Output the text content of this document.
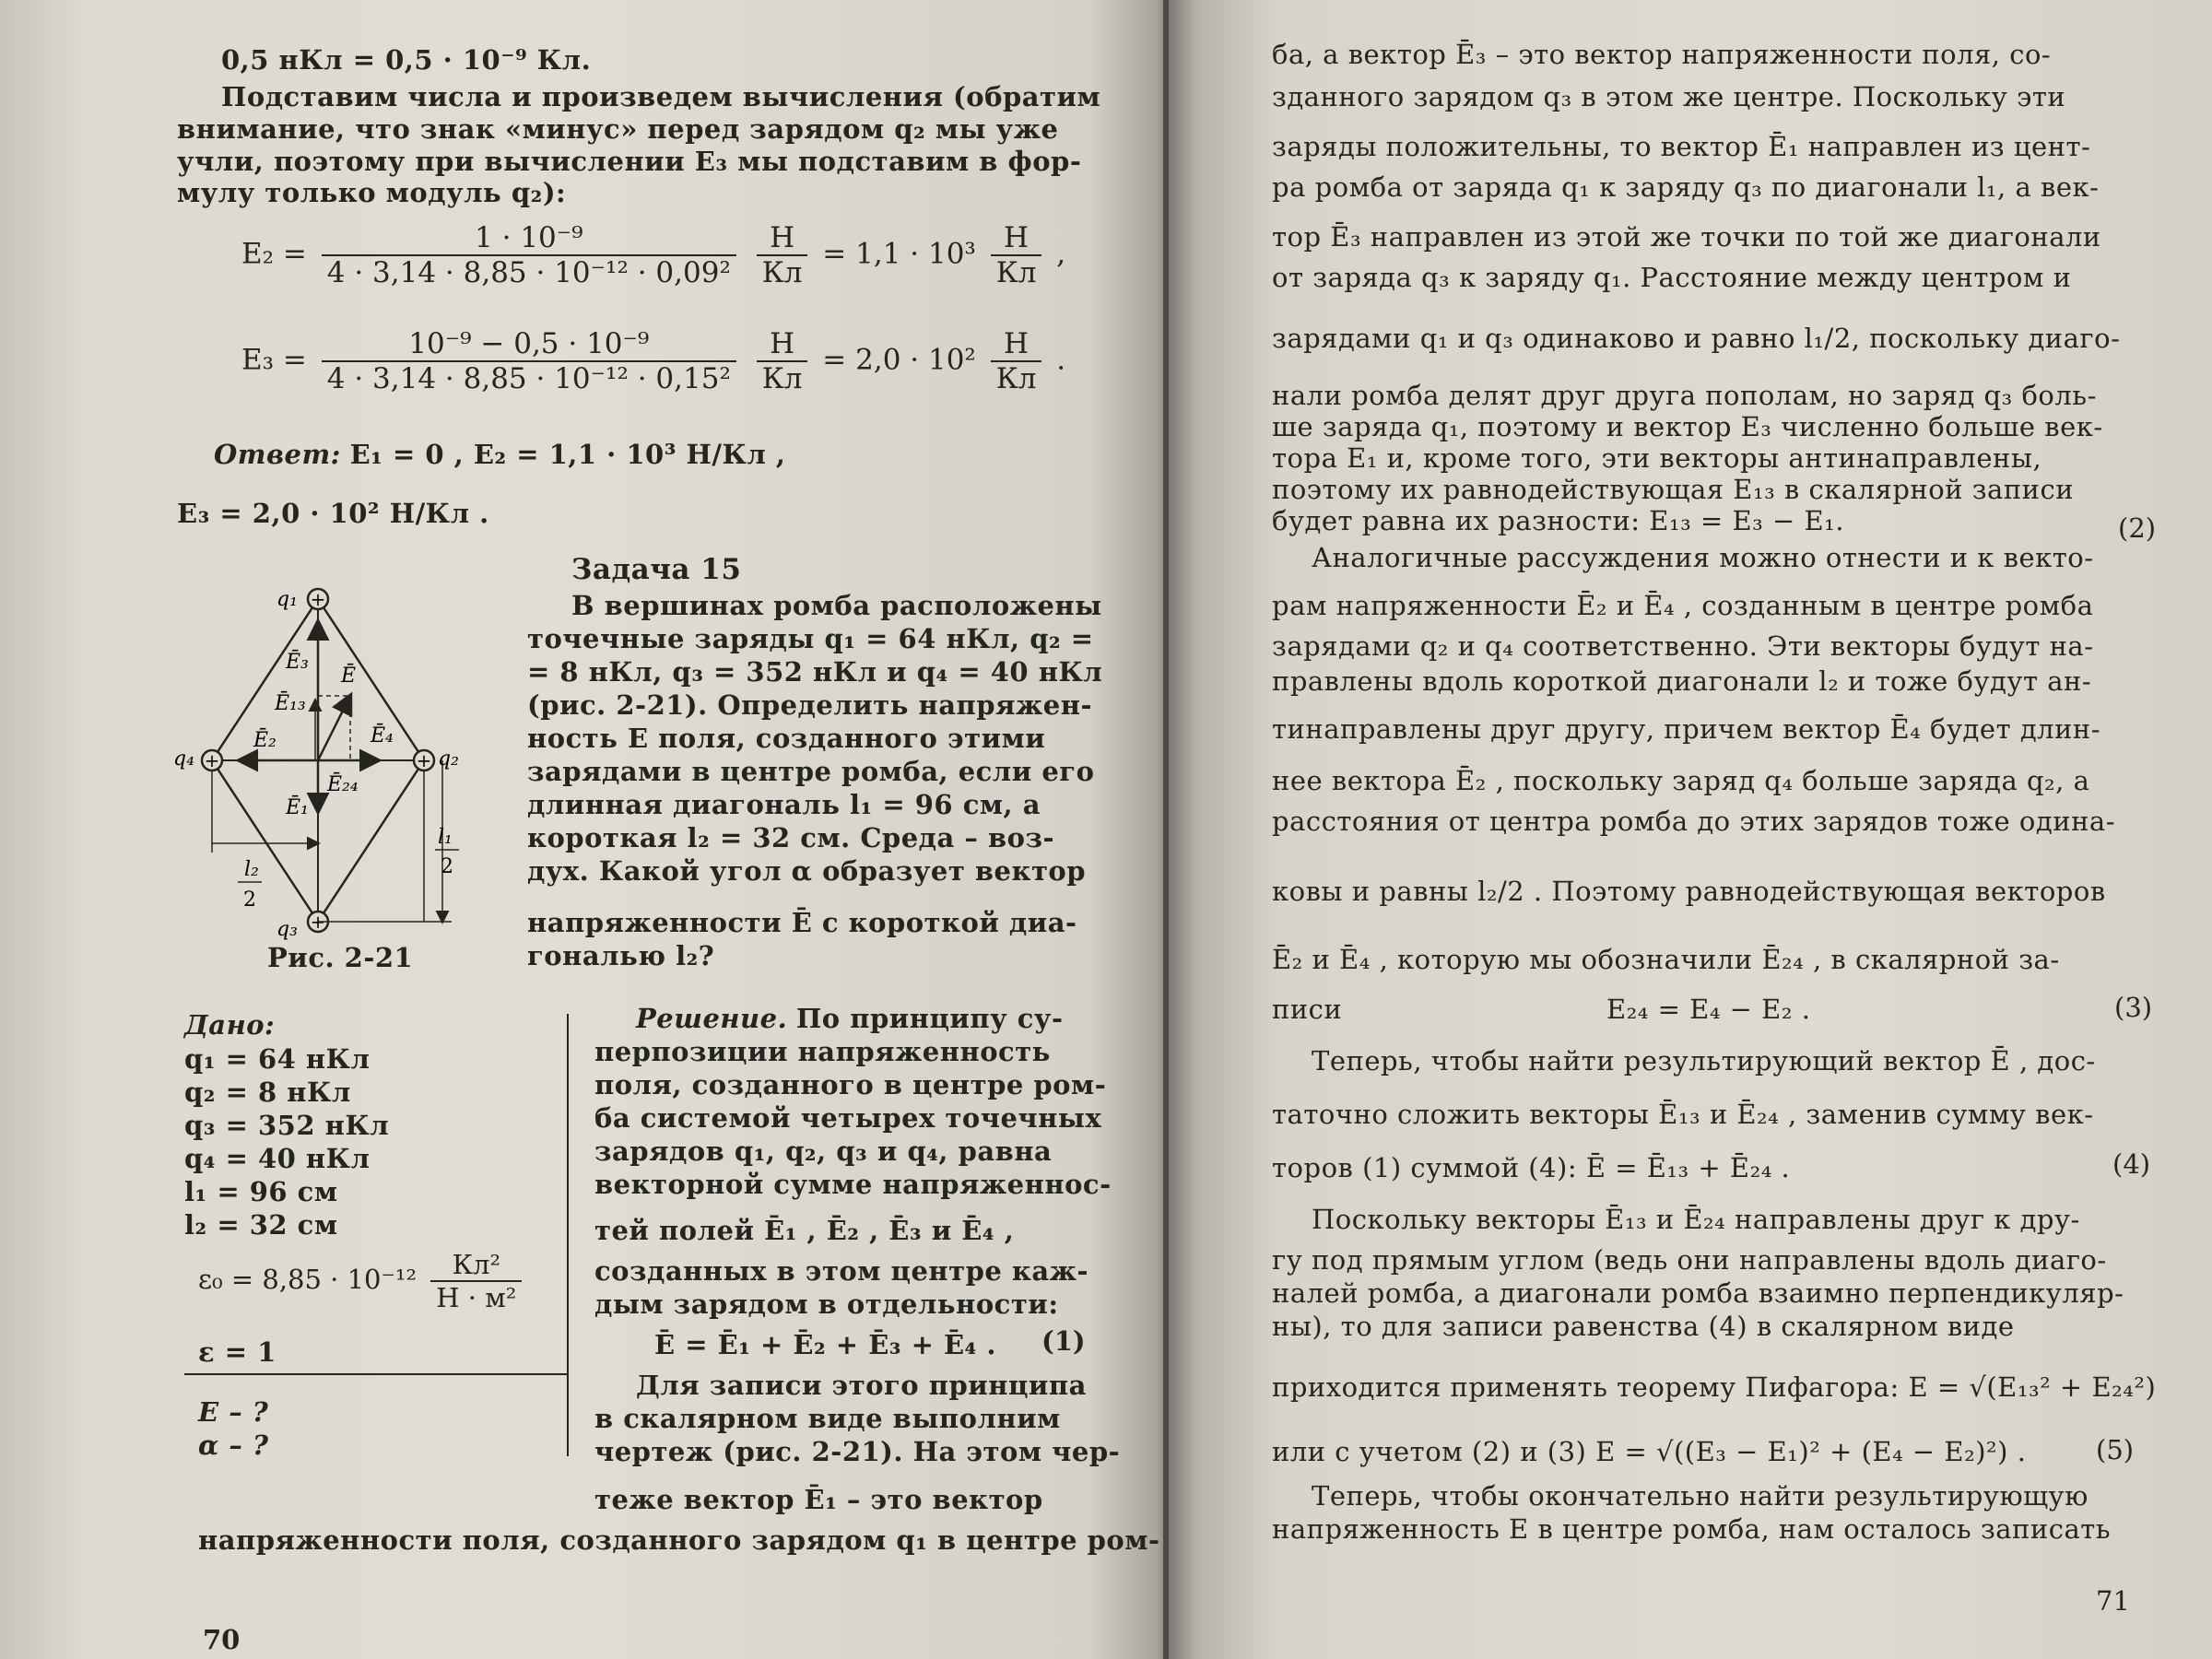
0,5 нКл = 0,5 · 10⁻⁹ Кл.
Подставим числа и произведем вычисления (обратим
внимание, что знак «минус» перед зарядом q₂ мы уже
учли, поэтому при вычислении E₃ мы подставим в фор-
мулу только модуль q₂):
$E_2 = \frac{\text{1 · 10⁻⁹}}{\text{4 · 3,14 · 8,85 · 10⁻¹² · 0,09²}}$
$\frac{Н}{Кл} = 1,1 \cdot 10^3 \frac{Н}{Кл}$ ,
$E_3 = \frac{\text{10⁻⁹ − 0,5 · 10⁻⁹}}{\text{4 · 3,14 · 8,85 · 10⁻¹² · 0,15²}}$
$\frac{Н}{Кл} = 2,0 \cdot 10^2 \frac{Н}{Кл}$ .
Ответ: E₁ = 0 , E₂ = 1,1 · 10³ Н/Кл ,
E₃ = 2,0 · 10² Н/Кл .
+
+
+
+
q₁
q₂
q₃
q₄
Ē₃
Ē₁₃
Ē
Ē₂	Ē₄
Ē₂₄
Ē₁
l₁
2
l₂
2
Рис. 2-21
Задача 15
В вершинах ромба расположены
точечные заряды q₁ = 64 нКл, q₂ =
= 8 нКл, q₃ = 352 нКл и q₄ = 40 нКл
(рис. 2-21). Определить напряжен-
ность E поля, созданного этими
зарядами в центре ромба, если его
длинная диагональ l₁ = 96 см, а
короткая l₂ = 32 см. Среда – воз-
дух. Какой угол α образует вектор
напряженности Ē с короткой диа-
гональю l₂?
Дано:
q₁ = 64 нКл
q₂ = 8 нКл
q₃ = 352 нКл
q₄ = 40 нКл
l₁ = 96 см
l₂ = 32 см
$\varepsilon_0 = 8,85 \cdot 10^{-12} \frac{\text{Кл²}}{\text{Н · м²}}$
ε = 1
E – ?
α – ?
Решение. По принципу су-
перпозиции напряженность
поля, созданного в центре ром-
ба системой четырех точечных
зарядов q₁, q₂, q₃ и q₄, равна
векторной сумме напряженнос-
тей полей Ē₁ , Ē₂ , Ē₃ и Ē₄ ,
созданных в этом центре каж-
дым зарядом в отдельности:
Ē = Ē₁ + Ē₂ + Ē₃ + Ē₄ . (1)
Для записи этого принципа
в скалярном виде выполним
чертеж (рис. 2-21). На этом чер-
теже вектор Ē₁ – это вектор
напряженности поля, созданного зарядом q₁ в центре ром-
70
ба, а вектор Ē₃ – это вектор напряженности поля, со-
зданного зарядом q₃ в этом же центре. Поскольку эти
заряды положительны, то вектор Ē₁ направлен из цент-
ра ромба от заряда q₁ к заряду q₃ по диагонали l₁, а век-
тор Ē₃ направлен из этой же точки по той же диагонали
от заряда q₃ к заряду q₁. Расстояние между центром и
зарядами q₁ и q₃ одинаково и равно l₁/2, поскольку диаго-
нали ромба делят друг друга пополам, но заряд q₃ боль-
ше заряда q₁, поэтому и вектор E₃ численно больше век-
тора E₁ и, кроме того, эти векторы антинаправлены,
поэтому их равнодействующая E₁₃ в скалярной записи
будет равна их разности: E₁₃ = E₃ − E₁.	(2)
Аналогичные рассуждения можно отнести и к векто-
рам напряженности Ē₂ и Ē₄ , созданным в центре ромба
зарядами q₂ и q₄ соответственно. Эти векторы будут на-
правлены вдоль короткой диагонали l₂ и тоже будут ан-
тинаправлены друг другу, причем вектор Ē₄ будет длин-
нее вектора Ē₂ , поскольку заряд q₄ больше заряда q₂, а
расстояния от центра ромба до этих зарядов тоже одина-
ковы и равны l₂/2 . Поэтому равнодействующая векторов
Ē₂ и Ē₄ , которую мы обозначили Ē₂₄ , в скалярной за-
писи	E₂₄ = E₄ − E₂ .	(3)
Теперь, чтобы найти результирующий вектор Ē , дос-
таточно сложить векторы Ē₁₃ и Ē₂₄ , заменив сумму век-
торов (1) суммой (4): Ē = Ē₁₃ + Ē₂₄ .	(4)
Поскольку векторы Ē₁₃ и Ē₂₄ направлены друг к дру-
гу под прямым углом (ведь они направлены вдоль диаго-
налей ромба, а диагонали ромба взаимно перпендикуляр-
ны), то для записи равенства (4) в скалярном виде
приходится применять теорему Пифагора: E = √(E₁₃² + E₂₄²)
или с учетом (2) и (3) E = √((E₃ − E₁)² + (E₄ − E₂)²) .	(5)
Теперь, чтобы окончательно найти результирующую
напряженность E в центре ромба, нам осталось записать
71
